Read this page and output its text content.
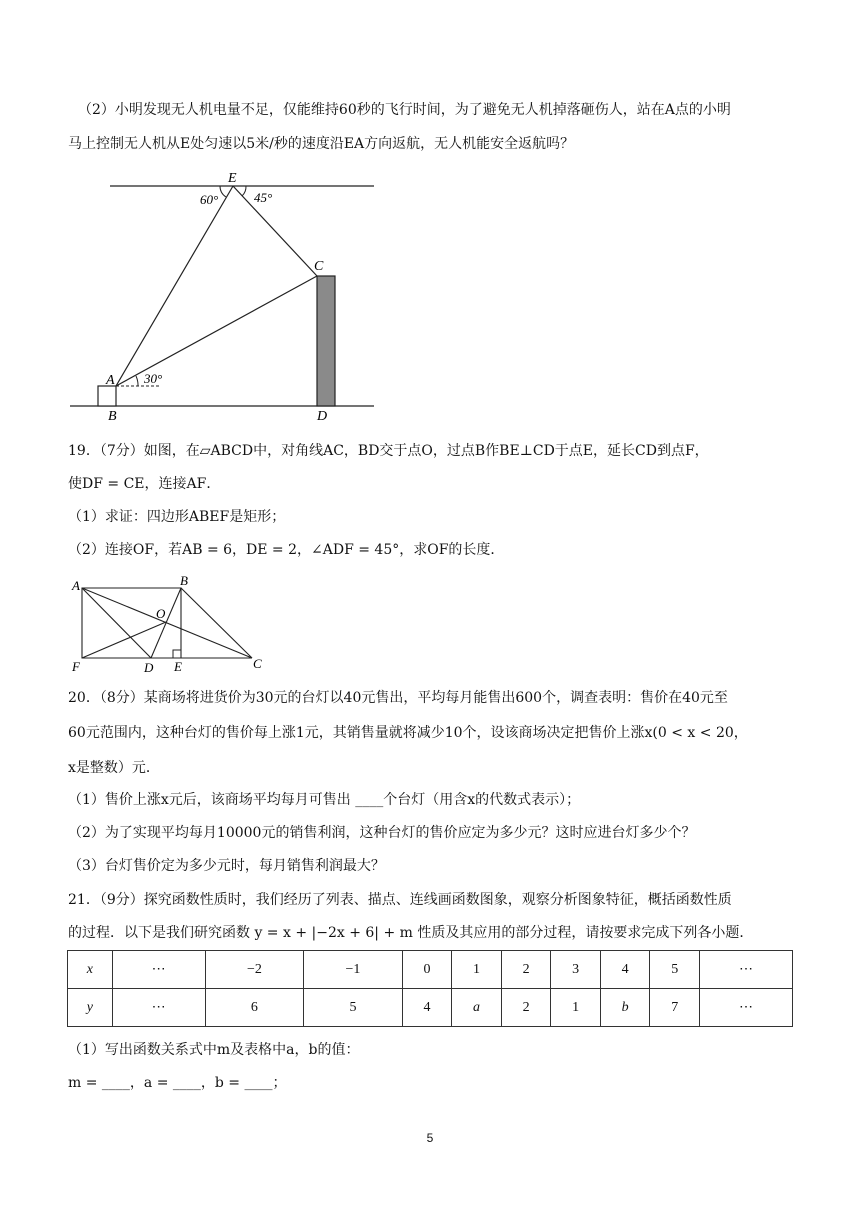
（2）小明发现无人机电量不足，仅能维持60秒的飞行时间，为了避免无人机掉落砸伤人，站在A点的小明
马上控制无人机从E处匀速以5米/秒的速度沿EA方向返航，无人机能安全返航吗？
E
C
A
B	D
60°	45°
30°
19．（7分）如图，在▱ABCD中，对角线AC，BD交于点O，过点B作BE⊥CD于点E，延长CD到点F，
使DF = CE，连接AF．
（1）求证：四边形ABEF是矩形；
（2）连接OF，若AB = 6，DE = 2，∠ADF = 45°，求OF的长度．
A	B
O
F	D E	C
20．（8分）某商场将进货价为30元的台灯以40元售出，平均每月能售出600个，调查表明：售价在40元至
60元范围内，这种台灯的售价每上涨1元，其销售量就将减少10个，设该商场决定把售价上涨x(0 < x < 20，
x是整数）元．
（1）售价上涨x元后，该商场平均每月可售出 ____个台灯（用含x的代数式表示）；
（2）为了实现平均每月10000元的销售利润，这种台灯的售价应定为多少元？这时应进台灯多少个？
（3）台灯售价定为多少元时，每月销售利润最大？
21．（9分）探究函数性质时，我们经历了列表、描点、连线画函数图象，观察分析图象特征，概括函数性质
的过程．以下是我们研究函数 y = x + |−2x + 6| + m 性质及其应用的部分过程，请按要求完成下列各小题．
x	⋯	−2	−1	0	1	2	3	4	5	⋯
y	⋯	6	5	4	a	2	1	b	7	⋯
（1）写出函数关系式中m及表格中a，b的值：
m = ____，a = ____，b = ____；
5
